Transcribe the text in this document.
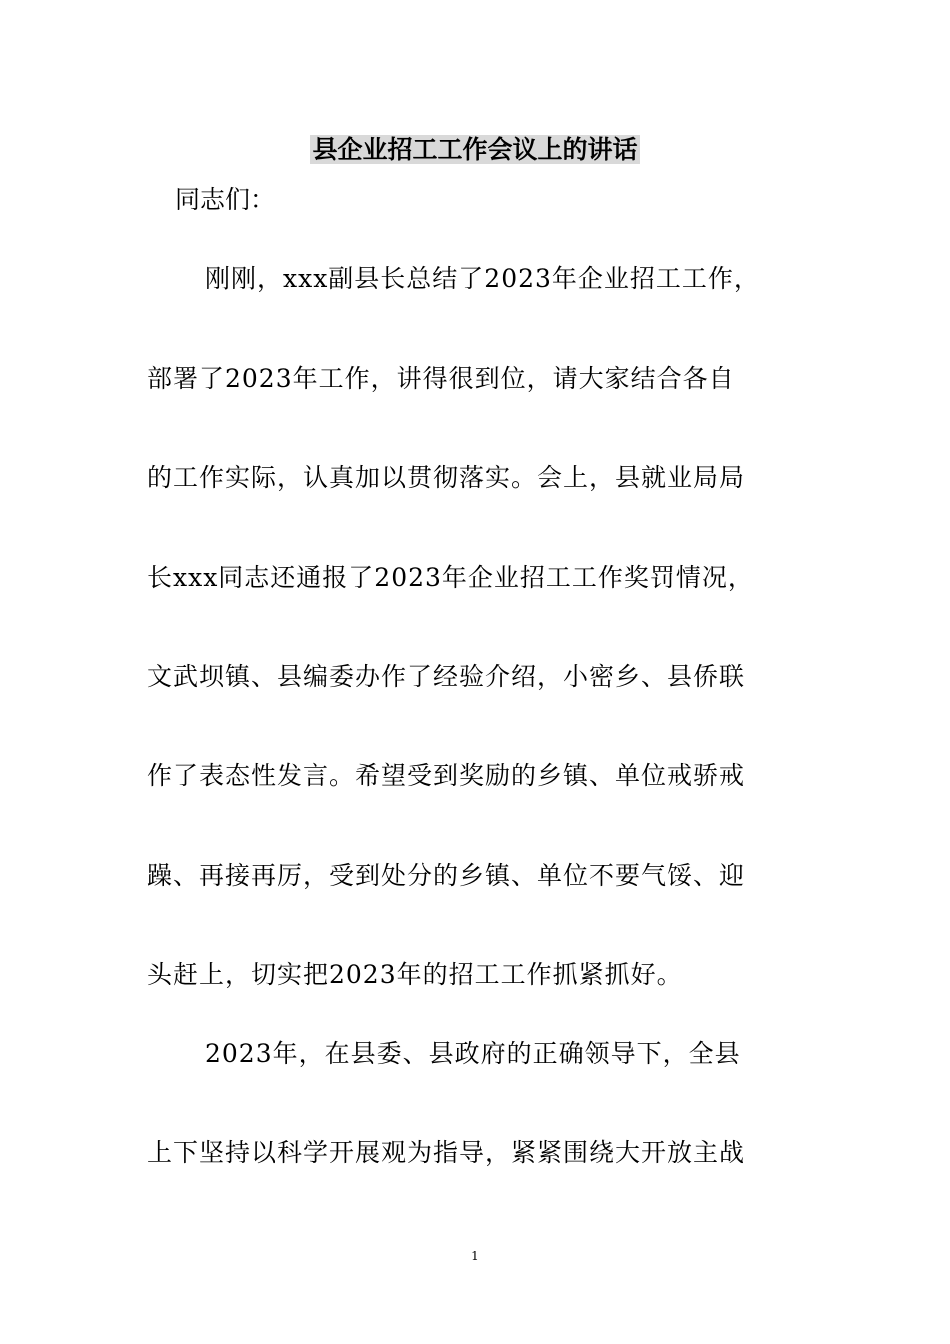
县企业招工工作会议上的讲话
同志们：
刚刚，xxx副县长总结了2023年企业招工工作，
部署了2023年工作，讲得很到位，请大家结合各自
的工作实际，认真加以贯彻落实。会上，县就业局局
长xxx同志还通报了2023年企业招工工作奖罚情况，
文武坝镇、县编委办作了经验介绍，小密乡、县侨联
作了表态性发言。希望受到奖励的乡镇、单位戒骄戒
躁、再接再厉，受到处分的乡镇、单位不要气馁、迎
头赶上，切实把2023年的招工工作抓紧抓好。
2023年，在县委、县政府的正确领导下，全县
上下坚持以科学开展观为指导，紧紧围绕大开放主战
1
